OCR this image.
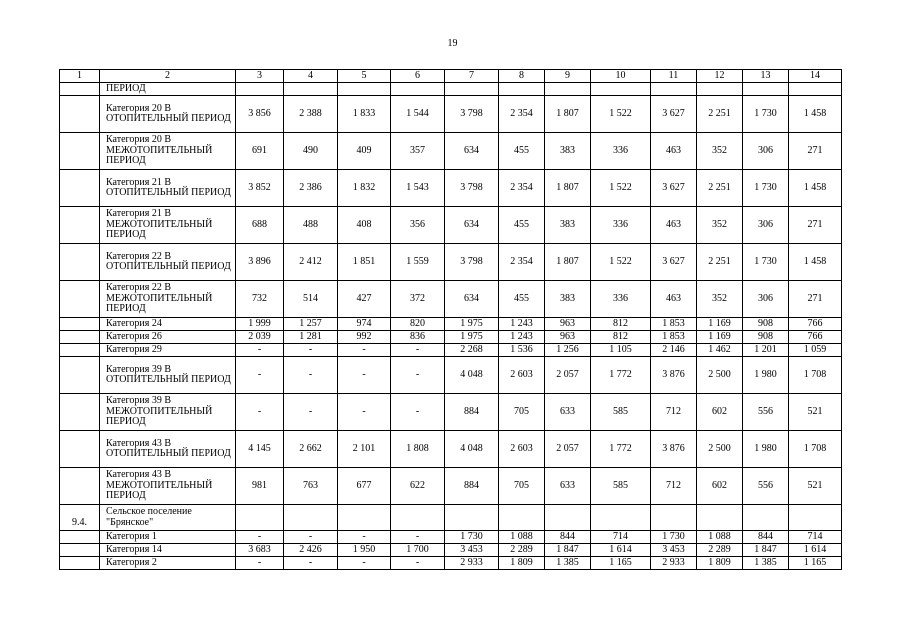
19
1	2	3	4	5	6	7	8	9	10	11	12	13	14
	ПЕРИОД												
	Категория 20 В ОТОПИТЕЛЬНЫЙ ПЕРИОД	3 856	2 388	1 833	1 544	3 798	2 354	1 807	1 522	3 627	2 251	1 730	1 458
	Категория 20 В МЕЖОТОПИТЕЛЬНЫЙ ПЕРИОД	691	490	409	357	634	455	383	336	463	352	306	271
	Категория 21 В ОТОПИТЕЛЬНЫЙ ПЕРИОД	3 852	2 386	1 832	1 543	3 798	2 354	1 807	1 522	3 627	2 251	1 730	1 458
	Категория 21 В МЕЖОТОПИТЕЛЬНЫЙ ПЕРИОД	688	488	408	356	634	455	383	336	463	352	306	271
	Категория 22 В ОТОПИТЕЛЬНЫЙ ПЕРИОД	3 896	2 412	1 851	1 559	3 798	2 354	1 807	1 522	3 627	2 251	1 730	1 458
	Категория 22 В МЕЖОТОПИТЕЛЬНЫЙ ПЕРИОД	732	514	427	372	634	455	383	336	463	352	306	271
	Категория 24	1 999	1 257	974	820	1 975	1 243	963	812	1 853	1 169	908	766
	Категория 26	2 039	1 281	992	836	1 975	1 243	963	812	1 853	1 169	908	766
	Категория 29	-	-	-	-	2 268	1 536	1 256	1 105	2 146	1 462	1 201	1 059
	Категория 39 В ОТОПИТЕЛЬНЫЙ ПЕРИОД	-	-	-	-	4 048	2 603	2 057	1 772	3 876	2 500	1 980	1 708
	Категория 39 В МЕЖОТОПИТЕЛЬНЫЙ ПЕРИОД	-	-	-	-	884	705	633	585	712	602	556	521
	Категория 43 В ОТОПИТЕЛЬНЫЙ ПЕРИОД	4 145	2 662	2 101	1 808	4 048	2 603	2 057	1 772	3 876	2 500	1 980	1 708
	Категория 43 В МЕЖОТОПИТЕЛЬНЫЙ ПЕРИОД	981	763	677	622	884	705	633	585	712	602	556	521
9.4.	Сельское поселение "Брянское"												
	Категория 1	-	-	-	-	1 730	1 088	844	714	1 730	1 088	844	714
	Категория 14	3 683	2 426	1 950	1 700	3 453	2 289	1 847	1 614	3 453	2 289	1 847	1 614
	Категория 2	-	-	-	-	2 933	1 809	1 385	1 165	2 933	1 809	1 385	1 165
